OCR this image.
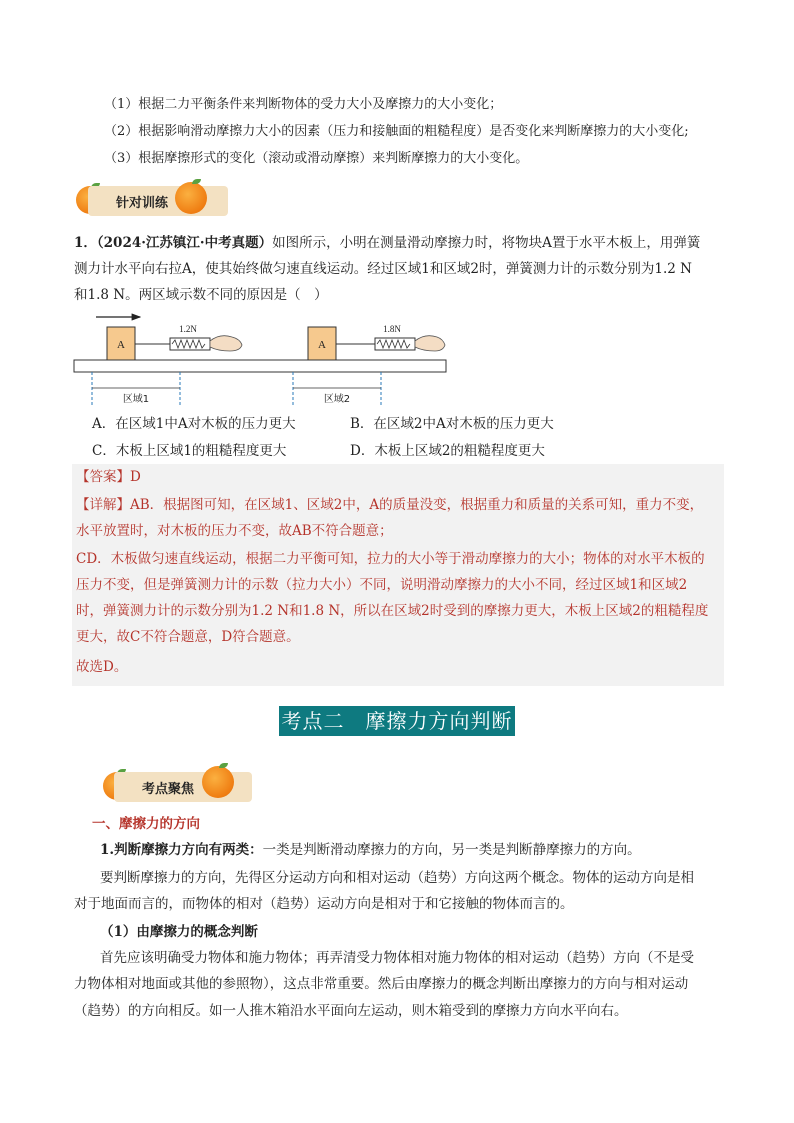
（1）根据二力平衡条件来判断物体的受力大小及摩擦力的大小变化；
（2）根据影响滑动摩擦力大小的因素（压力和接触面的粗糙程度）是否变化来判断摩擦力的大小变化;
（3）根据摩擦形式的变化（滚动或滑动摩擦）来判断摩擦力的大小变化。
针对训练
1．（2024·江苏镇江·中考真题）如图所示，小明在测量滑动摩擦力时，将物块A置于水平木板上，用弹簧
测力计水平向右拉A，使其始终做匀速直线运动。经过区域1和区域2时，弹簧测力计的示数分别为1.2 N
和1.8 N。两区域示数不同的原因是（　）
A
1.2N
A
1.8N
区域1	区域2
A．在区域1中A对木板的压力更大	B．在区域2中A对木板的压力更大
C．木板上区域1的粗糙程度更大	D．木板上区域2的粗糙程度更大
【答案】D
【详解】AB．根据图可知，在区域1、区域2中，A的质量没变，根据重力和质量的关系可知，重力不变，
水平放置时，对木板的压力不变，故AB不符合题意；
CD．木板做匀速直线运动，根据二力平衡可知，拉力的大小等于滑动摩擦力的大小；物体的对水平木板的
压力不变，但是弹簧测力计的示数（拉力大小）不同，说明滑动摩擦力的大小不同，经过区域1和区域2
时，弹簧测力计的示数分别为1.2 N和1.8 N，所以在区域2时受到的摩擦力更大，木板上区域2的粗糙程度
更大，故C不符合题意，D符合题意。
故选D。
考点二　摩擦力方向判断
考点聚焦
一、摩擦力的方向
1.判断摩擦力方向有两类：一类是判断滑动摩擦力的方向，另一类是判断静摩擦力的方向。
要判断摩擦力的方向，先得区分运动方向和相对运动（趋势）方向这两个概念。物体的运动方向是相
对于地面而言的，而物体的相对（趋势）运动方向是相对于和它接触的物体而言的。
（1）由摩擦力的概念判断
首先应该明确受力物体和施力物体；再弄清受力物体相对施力物体的相对运动（趋势）方向（不是受
力物体相对地面或其他的参照物），这点非常重要。然后由摩擦力的概念判断出摩擦力的方向与相对运动
（趋势）的方向相反。如一人推木箱沿水平面向左运动，则木箱受到的摩擦力方向水平向右。
